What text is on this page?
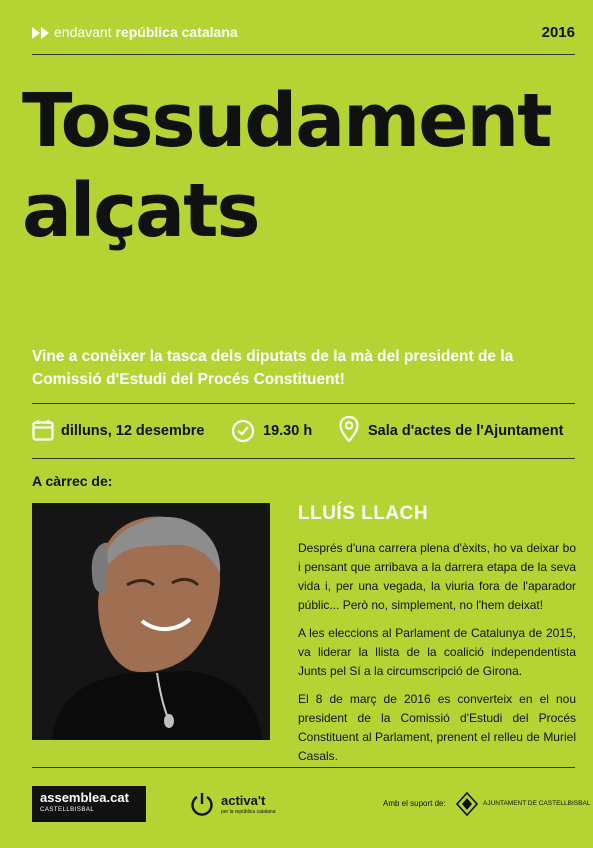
endavant república catalana	2016
Tossudament
alçats
Vine a conèixer la tasca dels diputats de la mà del president de la Comissió d'Estudi del Procés Constituent!
dilluns, 12 desembre	19.30 h	Sala d'actes de l'Ajuntament
A càrrec de:
LLUÍS LLACH

Després d'una carrera plena d'èxits, ho va deixar bo i pensant que arribava a la darrera etapa de la seva vida i, per una vegada, la viuria fora de l'aparador públic... Però no, simplement, no l'hem deixat!

A les eleccions al Parlament de Catalunya de 2015, va liderar la llista de la coalició independentista Junts pel Sí a la circumscripció de Girona.

El 8 de març de 2016 es converteix en el nou president de la Comissió d'Estudi del Procés Constituent al Parlament, prenent el relleu de Muriel Casals.

assemblea.cat
CASTELLBISBAL
activa't
per la república catalana
Amb el suport de:	AJUNTAMENT DE CASTELLBISBAL
